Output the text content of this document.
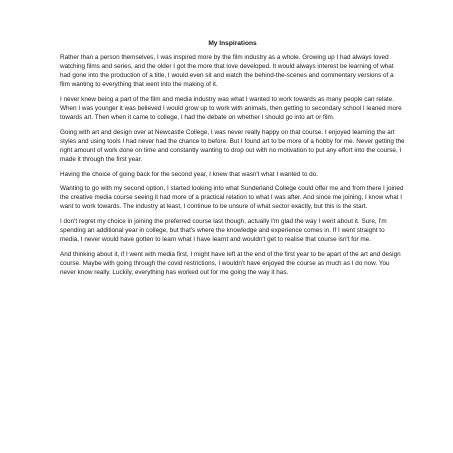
My Inspirations

Rather than a person themselves, I was inspired more by the film industry as a whole. Growing up I had always loved watching films and series, and the older I got the more that love developed. It would always interest be learning of what had gone into the production of a title, I would even sit and watch the behind-the-scenes and commentary versions of a film wanting to everything that went into the making of it.

I never knew being a part of the film and media industry was what I wanted to work towards as many people can relate. When I was younger it was believed I would grow up to work with animals, then getting to secondary school I leaned more towards art. Then when it came to college, I had the debate on whether I should go into art or film.

Going with art and design over at Newcastle College, I was never really happy on that course. I enjoyed learning the art styles and using tools I had never had the chance to before. But I found art to be more of a hobby for me. Never getting the right amount of work done on time and constantly wanting to drop out with no motivation to put any effort into the course, I made it through the first year.

Having the choice of going back for the second year, I knew that wasn't what I wanted to do.

Wanting to go with my second option, I started looking into what Sunderland College could offer me and from there I joined the creative media course seeing it had more of a practical relation to what I was after. And since me joining, I know what I want to work towards. The industry at least, I continue to be unsure of what sector exactly, but this is the start.

I don't regret my choice in joining the preferred course last though, actually I'm glad the way I went about it. Sure, I'm spending an additional year in college, but that's where the knowledge and experience comes in. If I went straight to media, I never would have gotten to learn what I have learnt and wouldn't get to realise that course isn't for me.

And thinking about it, if I went with media first, I might have left at the end of the first year to be apart of the art and design course. Maybe with going through the covid restrictions, I wouldn't have enjoyed the course as much as I do now. You never know really. Luckily, everything has worked out for me going the way it has.
